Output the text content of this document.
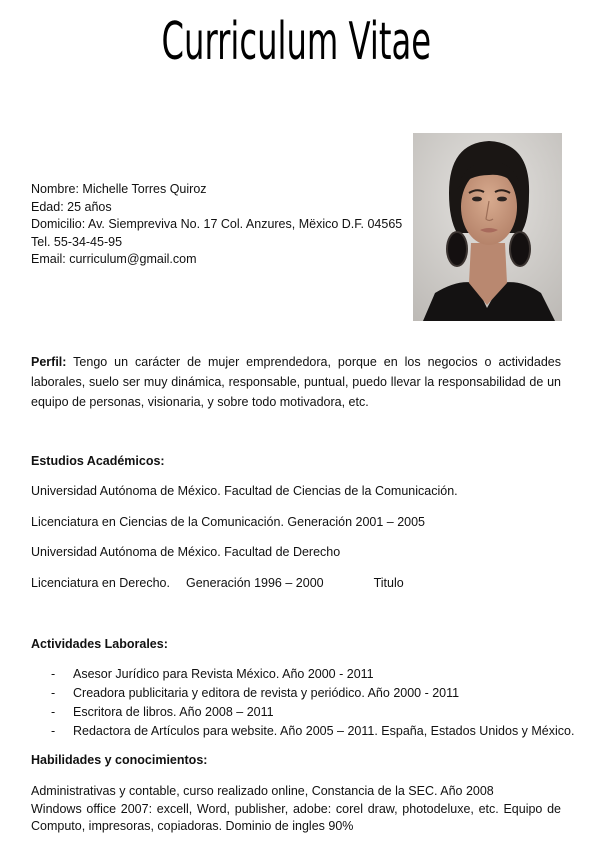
Curriculum Vitae
Nombre: Michelle Torres Quiroz
Edad: 25 años
Domicilio: Av. Siempreviva No. 17 Col. Anzures, Mëxico D.F. 04565
Tel. 55-34-45-95
Email: curriculum@gmail.com
Perfil: Tengo un carácter de mujer emprendedora, porque en los negocios o actividades laborales, suelo ser muy dinámica, responsable, puntual, puedo llevar la responsabilidad de un equipo de personas, visionaria, y sobre todo motivadora, etc.
Estudios Académicos:
Universidad Autónoma de México. Facultad de Ciencias de la Comunicación.
Licenciatura en Ciencias de la Comunicación. Generación 2001 – 2005
Universidad Autónoma de México. Facultad de Derecho
Licenciatura en Derecho. Generación 1996 – 2000	Titulo
Actividades Laborales:
- Asesor Jurídico para Revista México. Año 2000 - 2011
- Creadora publicitaria y editora de revista y periódico. Año 2000 - 2011
- Escritora de libros. Año 2008 – 2011
- Redactora de Artículos para website. Año 2005 – 2011. España, Estados Unidos y México.
Habilidades y conocimientos:
Administrativas y contable, curso realizado online, Constancia de la SEC. Año 2008
Windows office 2007: excell, Word, publisher, adobe: corel draw, photodeluxe, etc. Equipo de Computo, impresoras, copiadoras. Dominio de ingles 90%
